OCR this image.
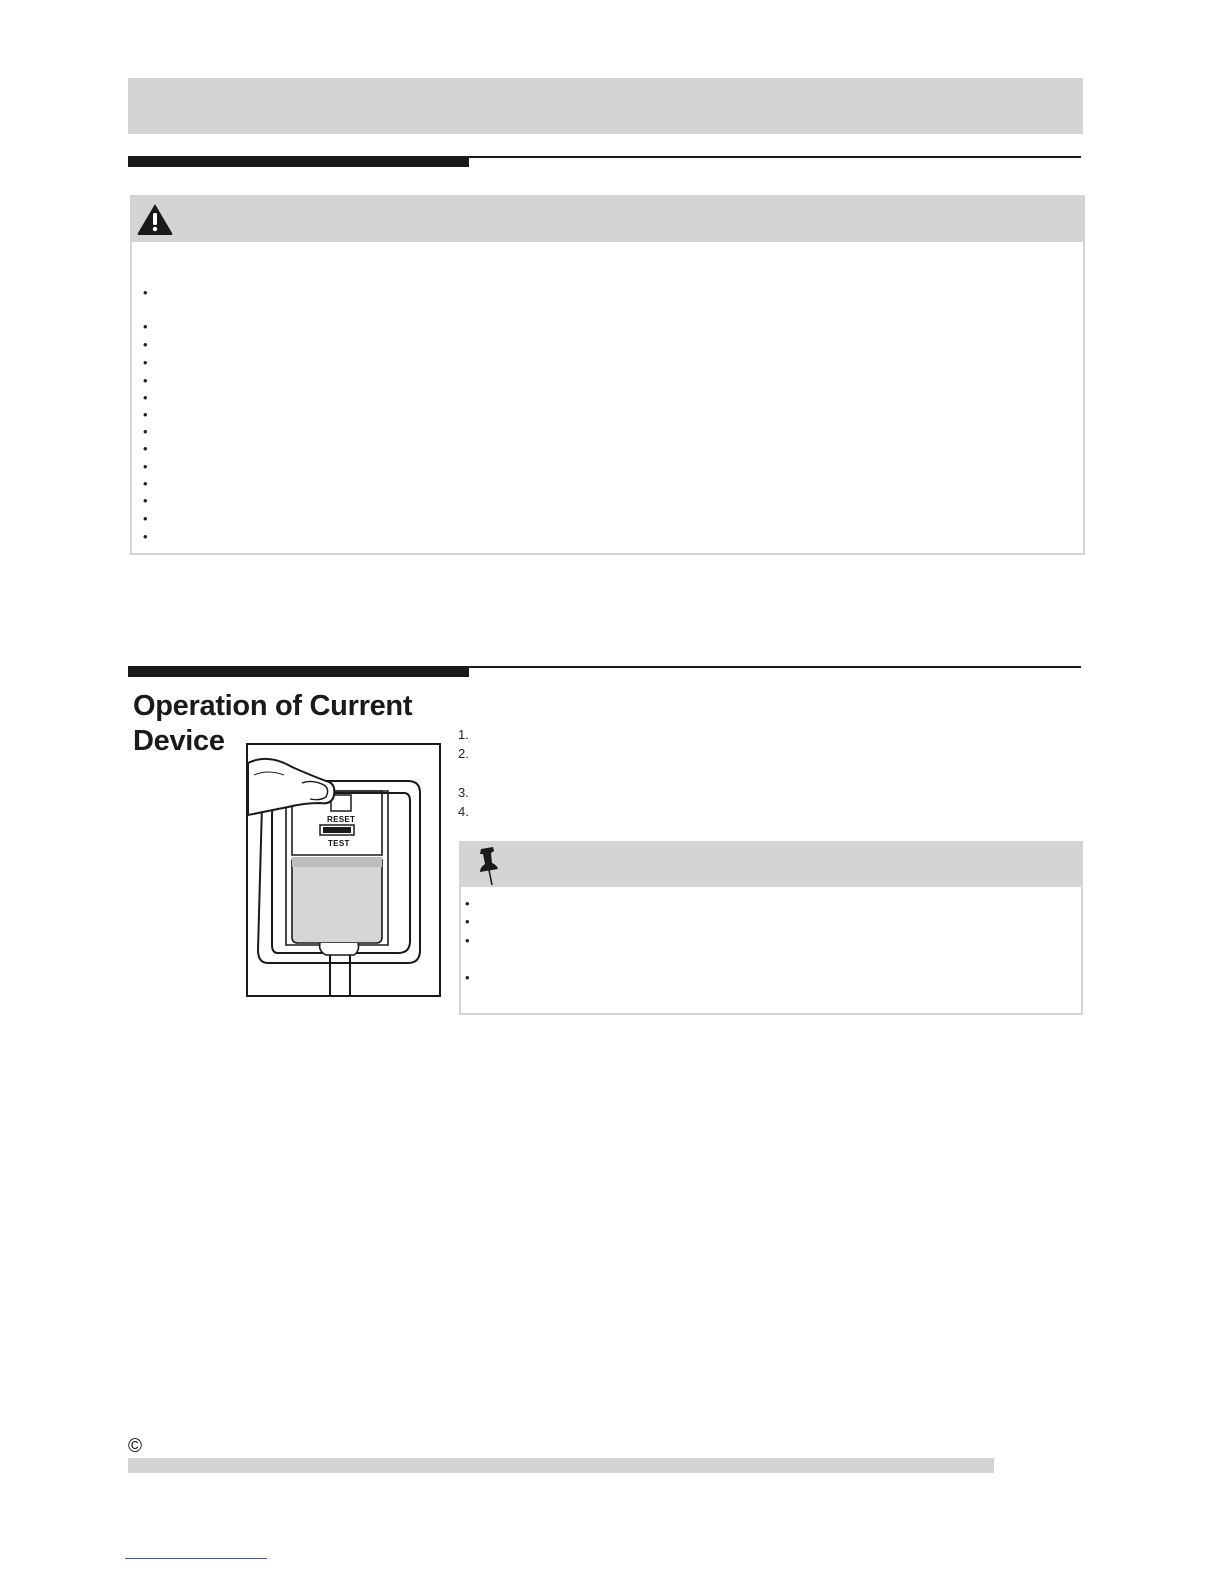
•
•
•
•
•
•
•
•
•
•
•
•
•
•
Operation of Current
Device
RESET
TEST
1.
2.
3.
4.
•
•
•
•
©
